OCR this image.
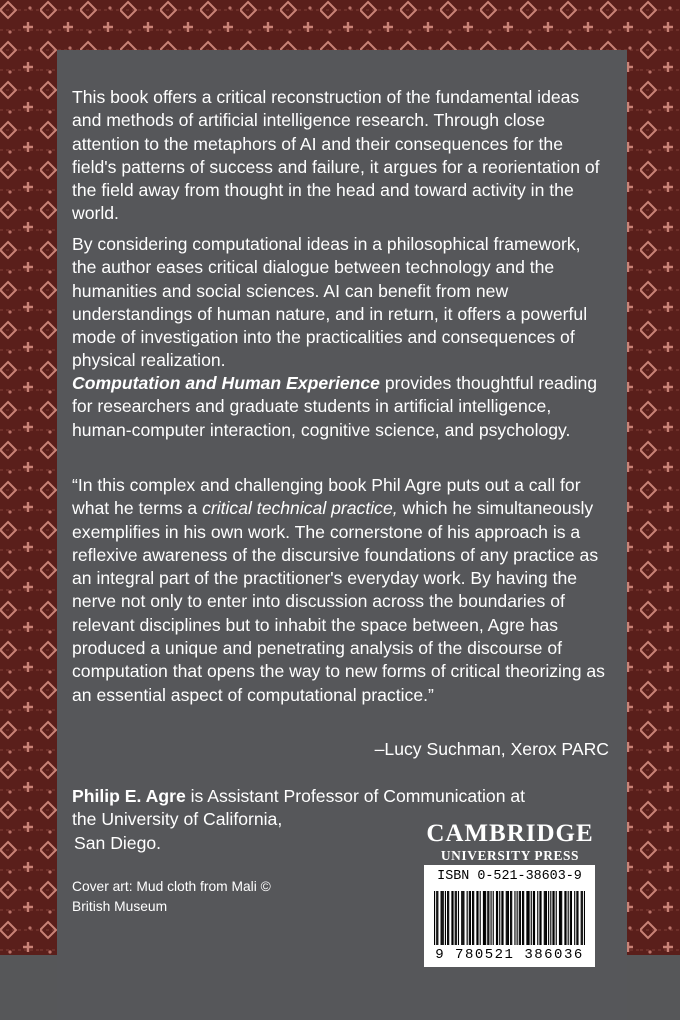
This book offers a critical reconstruction of the fundamental ideas and methods of artificial intelligence research. Through close attention to the metaphors of AI and their consequences for the field's patterns of success and failure, it argues for a reorientation of the field away from thought in the head and toward activity in the world.

By considering computational ideas in a philosophical framework, the author eases critical dialogue between technology and the humanities and social sciences. AI can benefit from new understandings of human nature, and in return, it offers a powerful mode of investigation into the practicalities and consequences of physical realization.

Computation and Human Experience provides thoughtful reading for researchers and graduate students in artificial intelligence, human-computer interaction, cognitive science, and psychology.

“In this complex and challenging book Phil Agre puts out a call for what he terms a critical technical practice, which he simultaneously exemplifies in his own work. The cornerstone of his approach is a reflexive awareness of the discursive foundations of any practice as an integral part of the practitioner's everyday work. By having the nerve not only to enter into discussion across the boundaries of relevant disciplines but to inhabit the space between, Agre has produced a unique and penetrating analysis of the discourse of computation that opens the way to new forms of critical theorizing as an essential aspect of computational practice.”

–Lucy Suchman, Xerox PARC
Philip E. Agre is Assistant Professor of Communication at
the University of California,
San Diego.
Cover art: Mud cloth from Mali ©
British Museum
CAMBRIDGE
UNIVERSITY PRESS
ISBN 0-521-38603-9
9 780521 386036
